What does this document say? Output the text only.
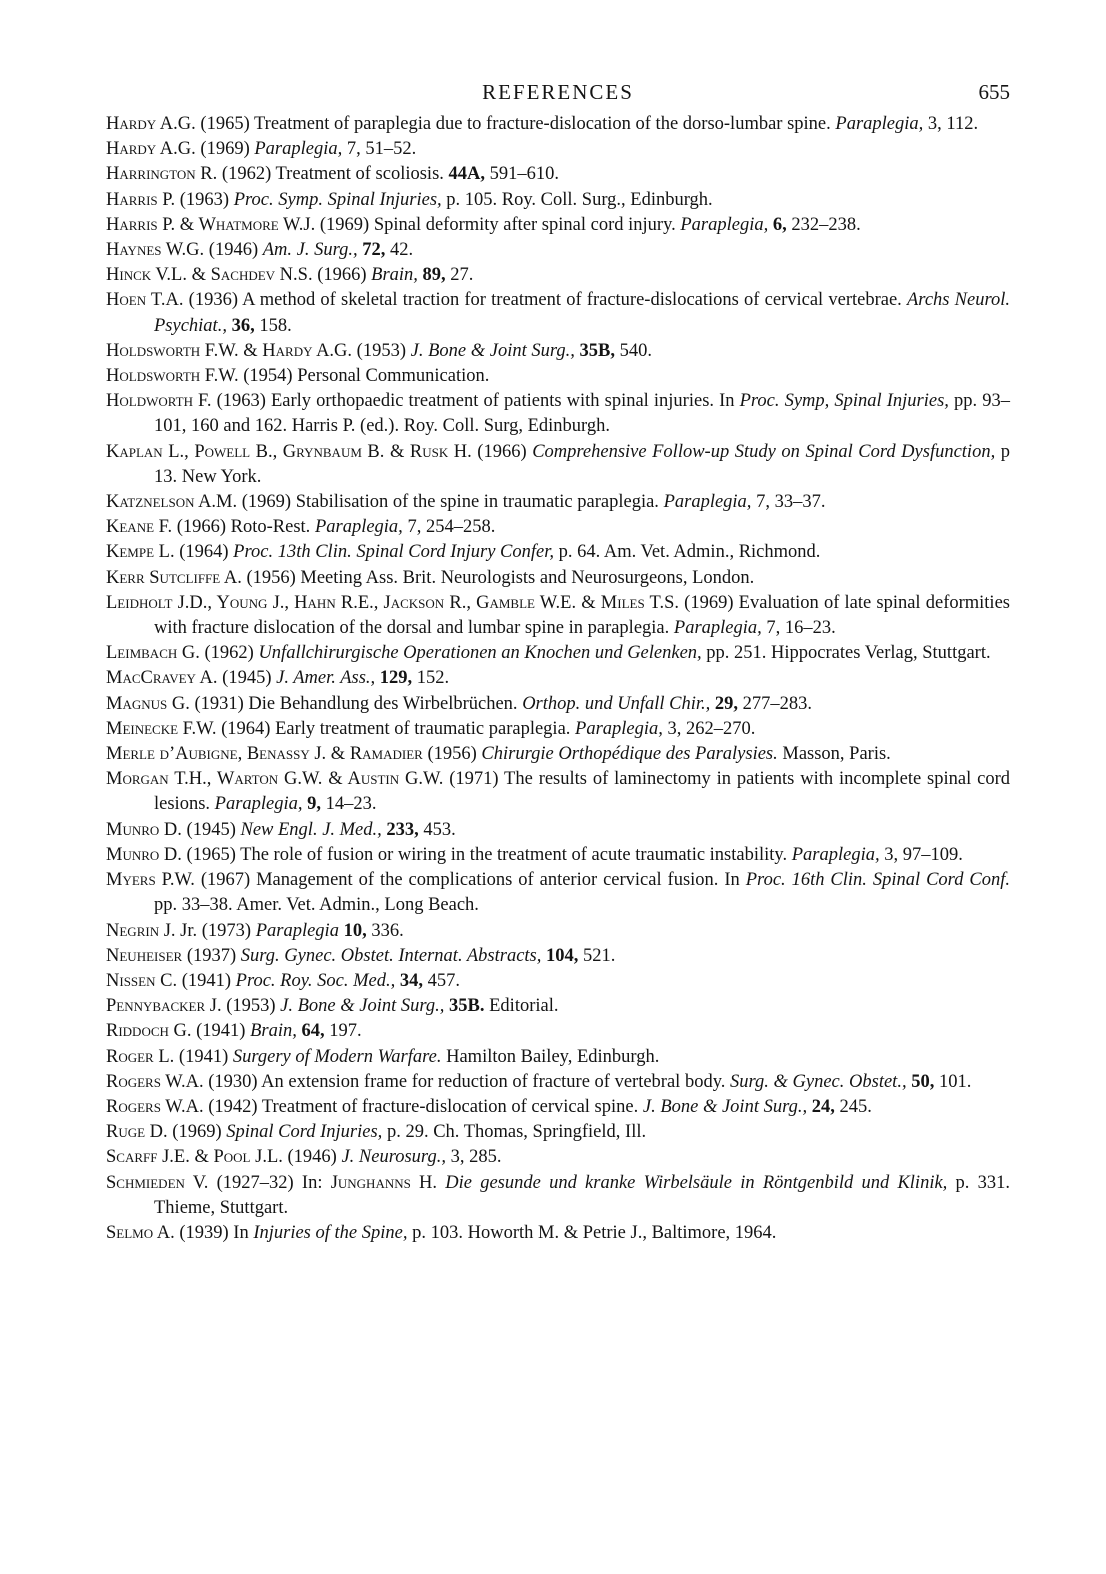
REFERENCES	655
Hardy A.G. (1965) Treatment of paraplegia due to fracture-dislocation of the dorso-lumbar spine. Paraplegia, 3, 112.
Hardy A.G. (1969) Paraplegia, 7, 51–52.
Harrington R. (1962) Treatment of scoliosis. 44A, 591–610.
Harris P. (1963) Proc. Symp. Spinal Injuries, p. 105. Roy. Coll. Surg., Edinburgh.
Harris P. & Whatmore W.J. (1969) Spinal deformity after spinal cord injury. Paraplegia, 6, 232–238.
Haynes W.G. (1946) Am. J. Surg., 72, 42.
Hinck V.L. & Sachdev N.S. (1966) Brain, 89, 27.
Hoen T.A. (1936) A method of skeletal traction for treatment of fracture-dislocations of cervical vertebrae. Archs Neurol. Psychiat., 36, 158.
Holdsworth F.W. & Hardy A.G. (1953) J. Bone & Joint Surg., 35B, 540.
Holdsworth F.W. (1954) Personal Communication.
Holdworth F. (1963) Early orthopaedic treatment of patients with spinal injuries. In Proc. Symp, Spinal Injuries, pp. 93–101, 160 and 162. Harris P. (ed.). Roy. Coll. Surg, Edinburgh.
Kaplan L., Powell B., Grynbaum B. & Rusk H. (1966) Comprehensive Follow-up Study on Spinal Cord Dysfunction, p 13. New York.
Katznelson A.M. (1969) Stabilisation of the spine in traumatic paraplegia. Paraplegia, 7, 33–37.
Keane F. (1966) Roto-Rest. Paraplegia, 7, 254–258.
Kempe L. (1964) Proc. 13th Clin. Spinal Cord Injury Confer, p. 64. Am. Vet. Admin., Richmond.
Kerr Sutcliffe A. (1956) Meeting Ass. Brit. Neurologists and Neurosurgeons, London.
Leidholt J.D., Young J., Hahn R.E., Jackson R., Gamble W.E. & Miles T.S. (1969) Evaluation of late spinal deformities with fracture dislocation of the dorsal and lumbar spine in paraplegia. Paraplegia, 7, 16–23.
Leimbach G. (1962) Unfallchirurgische Operationen an Knochen und Gelenken, pp. 251. Hippocrates Verlag, Stuttgart.
MacCravey A. (1945) J. Amer. Ass., 129, 152.
Magnus G. (1931) Die Behandlung des Wirbelbrüchen. Orthop. und Unfall Chir., 29, 277–283.
Meinecke F.W. (1964) Early treatment of traumatic paraplegia. Paraplegia, 3, 262–270.
Merle d’Aubigne, Benassy J. & Ramadier (1956) Chirurgie Orthopédique des Paralysies. Masson, Paris.
Morgan T.H., Warton G.W. & Austin G.W. (1971) The results of laminectomy in patients with incomplete spinal cord lesions. Paraplegia, 9, 14–23.
Munro D. (1945) New Engl. J. Med., 233, 453.
Munro D. (1965) The role of fusion or wiring in the treatment of acute traumatic instability. Paraplegia, 3, 97–109.
Myers P.W. (1967) Management of the complications of anterior cervical fusion. In Proc. 16th Clin. Spinal Cord Conf. pp. 33–38. Amer. Vet. Admin., Long Beach.
Negrin J. Jr. (1973) Paraplegia 10, 336.
Neuheiser (1937) Surg. Gynec. Obstet. Internat. Abstracts, 104, 521.
Nissen C. (1941) Proc. Roy. Soc. Med., 34, 457.
Pennybacker J. (1953) J. Bone & Joint Surg., 35B. Editorial.
Riddoch G. (1941) Brain, 64, 197.
Roger L. (1941) Surgery of Modern Warfare. Hamilton Bailey, Edinburgh.
Rogers W.A. (1930) An extension frame for reduction of fracture of vertebral body. Surg. & Gynec. Obstet., 50, 101.
Rogers W.A. (1942) Treatment of fracture-dislocation of cervical spine. J. Bone & Joint Surg., 24, 245.
Ruge D. (1969) Spinal Cord Injuries, p. 29. Ch. Thomas, Springfield, Ill.
Scarff J.E. & Pool J.L. (1946) J. Neurosurg., 3, 285.
Schmieden V. (1927–32) In: Junghanns H. Die gesunde und kranke Wirbelsäule in Röntgenbild und Klinik, p. 331. Thieme, Stuttgart.
Selmo A. (1939) In Injuries of the Spine, p. 103. Howorth M. & Petrie J., Baltimore, 1964.
